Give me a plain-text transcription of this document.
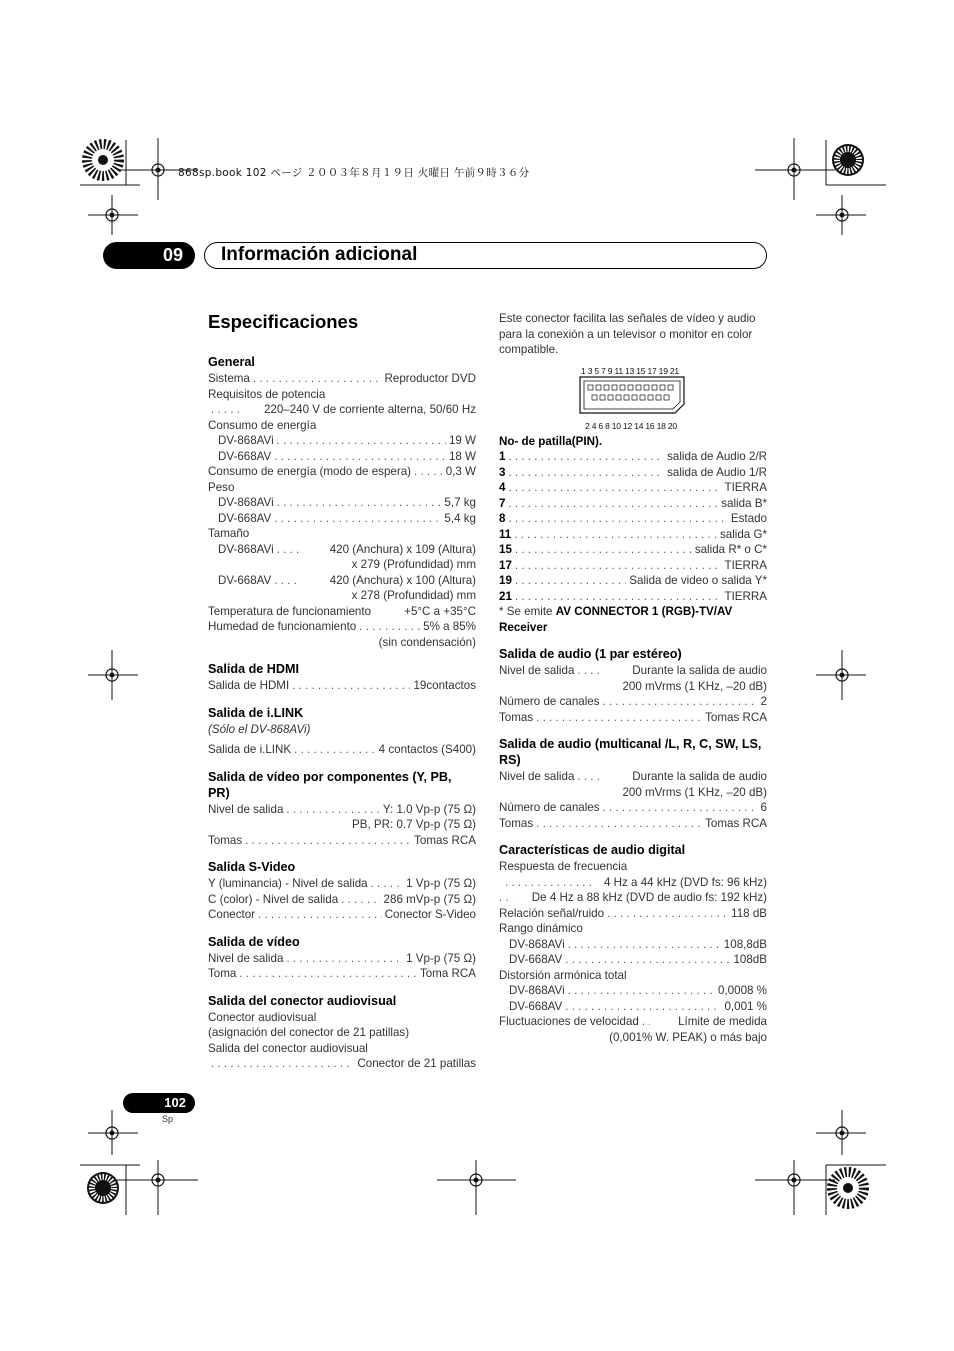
868sp.book 102 ページ ２００３年８月１９日 火曜日 午前９時３６分
09	Información adicional
Especificaciones
General
Sistema . . .	Reproductor DVD
Requisitos de potencia
. . .
220–240 V de corriente alterna, 50/60 Hz
Consumo de energía
DV-868AVi . . .	19 W
DV-668AV . . .	18 W
Consumo de energía (modo de espera) . . .	0,3 W
Peso
DV-868AVi . . .	5,7 kg
DV-668AV . . .	5,4 kg
Tamaño
DV-868AVi . . .	420 (Anchura) x 109 (Altura)
x 279 (Profundidad) mm
DV-668AV . . .	420 (Anchura) x 100 (Altura)
x 278 (Profundidad) mm
Temperatura de funcionamiento	+5°C a +35°C
Humedad de funcionamiento . . .	5% a 85%
(sin condensación)
Salida de HDMI
Salida de HDMI . . .	19contactos
Salida de i.LINK
(Sólo el DV-868AVi)
Salida de i.LINK . . .	4 contactos (S400)
Salida de vídeo por componentes (Y, PB, PR)
Nivel de salida . . .	Y: 1.0 Vp-p (75 Ω)
PB, PR: 0.7 Vp-p (75 Ω)
Tomas . . .	Tomas RCA
Salida S-Video
Y (luminancia) - Nivel de salida . . .	1 Vp-p (75 Ω)
C (color) - Nivel de salida . . .	286 mVp-p (75 Ω)
Conector . . .	Conector S-Video
Salida de vídeo
Nivel de salida . . .	1 Vp-p (75 Ω)
Toma . . .	Toma RCA
Salida del conector audiovisual
Conector audiovisual
(asignación del conector de 21 patillas)
Salida del conector audiovisual
. . .
Conector de 21 patillas
Este conector facilita las señales de vídeo y audio para la conexión a un televisor o monitor en color compatible.
1 3 5 7 9 11 13 15 17 19 21
2 4 6 8 10 12 14 16 18 20
No- de patilla(PIN).
1 . . .	salida de Audio 2/R
3 . . .	salida de Audio 1/R
4 . . .	TIERRA
7 . . .	salida B*
8 . . .	Estado
11 . . .	salida G*
15 . . .	salida R* o C*
17 . . .	TIERRA
19 . . .	Salida de video o salida Y*
21 . . .	TIERRA
* Se emite AV CONNECTOR 1 (RGB)-TV/AV Receiver
Salida de audio (1 par estéreo)
Nivel de salida . . .	Durante la salida de audio
200 mVrms (1 KHz, –20 dB)
Número de canales . . .	2
Tomas . . .	Tomas RCA
Salida de audio (multicanal /L, R, C, SW, LS, RS)
Nivel de salida . . .	Durante la salida de audio
200 mVrms (1 KHz, –20 dB)
Número de canales . . .	6
Tomas . . .	Tomas RCA
Características de audio digital
Respuesta de frecuencia
. . .
4 Hz a 44 kHz (DVD fs: 96 kHz)
. . .
De 4 Hz a 88 kHz (DVD de audio fs: 192 kHz)
Relación señal/ruido . . .	118 dB
Rango dinámico
DV-868AVi . . .	108,8dB
DV-668AV . . .	108dB
Distorsión armónica total
DV-868AVi . . .	0,0008 %
DV-668AV . . .	0,001 %
Fluctuaciones de velocidad . . .	Límite de medida
(0,001% W. PEAK) o más bajo
102
Sp
